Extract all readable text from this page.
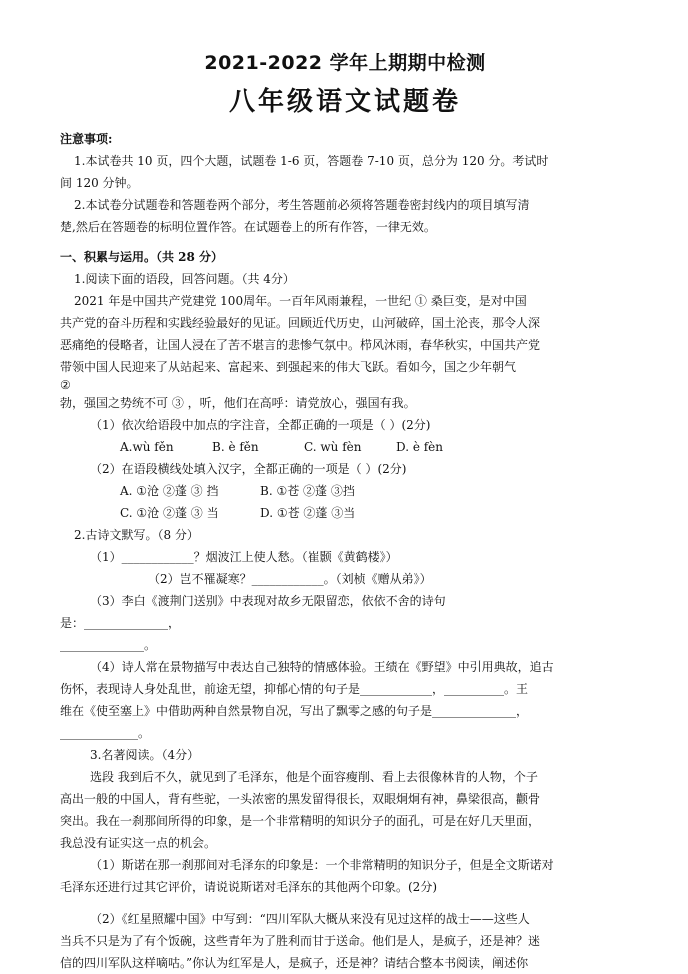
2021-2022 学年上期期中检测
八年级语文试题卷

注意事项:

1.本试卷共 10 页，四个大题，试题卷 1-6 页，答题卷 7-10 页，总分为 120 分。考试时

间 120 分钟。

2.本试卷分试题卷和答题卷两个部分，考生答题前必须将答题卷密封线内的项目填写清

楚,然后在答题卷的标明位置作答。在试题卷上的所有作答，一律无效。

一、积累与运用。（共 28 分）

1.阅读下面的语段，回答问题。（共 4分）

2021 年是中国共产党建党 100周年。一百年风雨兼程，一世纪 ① 桑巨变，是对中国

共产党的奋斗历程和实践经验最好的见证。回顾近代历史，山河破碎，国土沦丧，那令人深

恶痛绝的侵略者，让国人浸在了苦不堪言的悲惨气氛中。栉风沐雨，春华秋实，中国共产党

带领中国人民迎来了从站起来、富起来、到强起来的伟大飞跃。看如今，国之少年朝气

②

勃，强国之势统不可 ③ ，听，他们在高呼：请党放心，强国有我。

（1）依次给语段中加点的字注音，全都正确的一项是（ ）(2分)

A.wù fěn	B. è fěn	C. wù fèn	D. è fèn

（2）在语段横线处填入汉字，全都正确的一项是（ ）(2分)

A. ①沧 ②蓬 ③ 挡	B. ①苍 ②蓬 ③挡
C. ①沧 ②蓬 ③ 当	D. ①苍 ②蓬 ③当

2.古诗文默写。（8 分）

（1）____________？烟波江上使人愁。（崔颢《黄鹤楼》）

（2）岂不罹凝寒？____________。（刘桢《赠从弟》）

（3）李白《渡荆门送别》中表现对故乡无限留恋，依依不舍的诗句

是：______________，

______________。

（4）诗人常在景物描写中表达自己独特的情感体验。王绩在《野望》中引用典故，追古

伤怀，表现诗人身处乱世，前途无望，抑郁心情的句子是____________，__________。王

维在《使至塞上》中借助两种自然景物自况，写出了飘零之感的句子是______________，

_____________。

3.名著阅读。（4分）

选段 我到后不久，就见到了毛泽东，他是个面容瘦削、看上去很像林肯的人物，个子

高出一般的中国人，背有些驼，一头浓密的黑发留得很长，双眼炯炯有神，鼻梁很高，颧骨

突出。我在一刹那间所得的印象，是一个非常精明的知识分子的面孔，可是在好几天里面，

我总没有证实这一点的机会。

（1）斯诺在那一刹那间对毛泽东的印象是：一个非常精明的知识分子，但是全文斯诺对

毛泽东还进行过其它评价，请说说斯诺对毛泽东的其他两个印象。(2分)

（2）《红星照耀中国》中写到：“四川军队大概从来没有见过这样的战士——这些人

当兵不只是为了有个饭碗，这些青年为了胜利而甘于送命。他们是人，是疯子，还是神？迷

信的四川军队这样嘀咕。”你认为红军是人，是疯子，还是神？请结合整本书阅读，阐述你
